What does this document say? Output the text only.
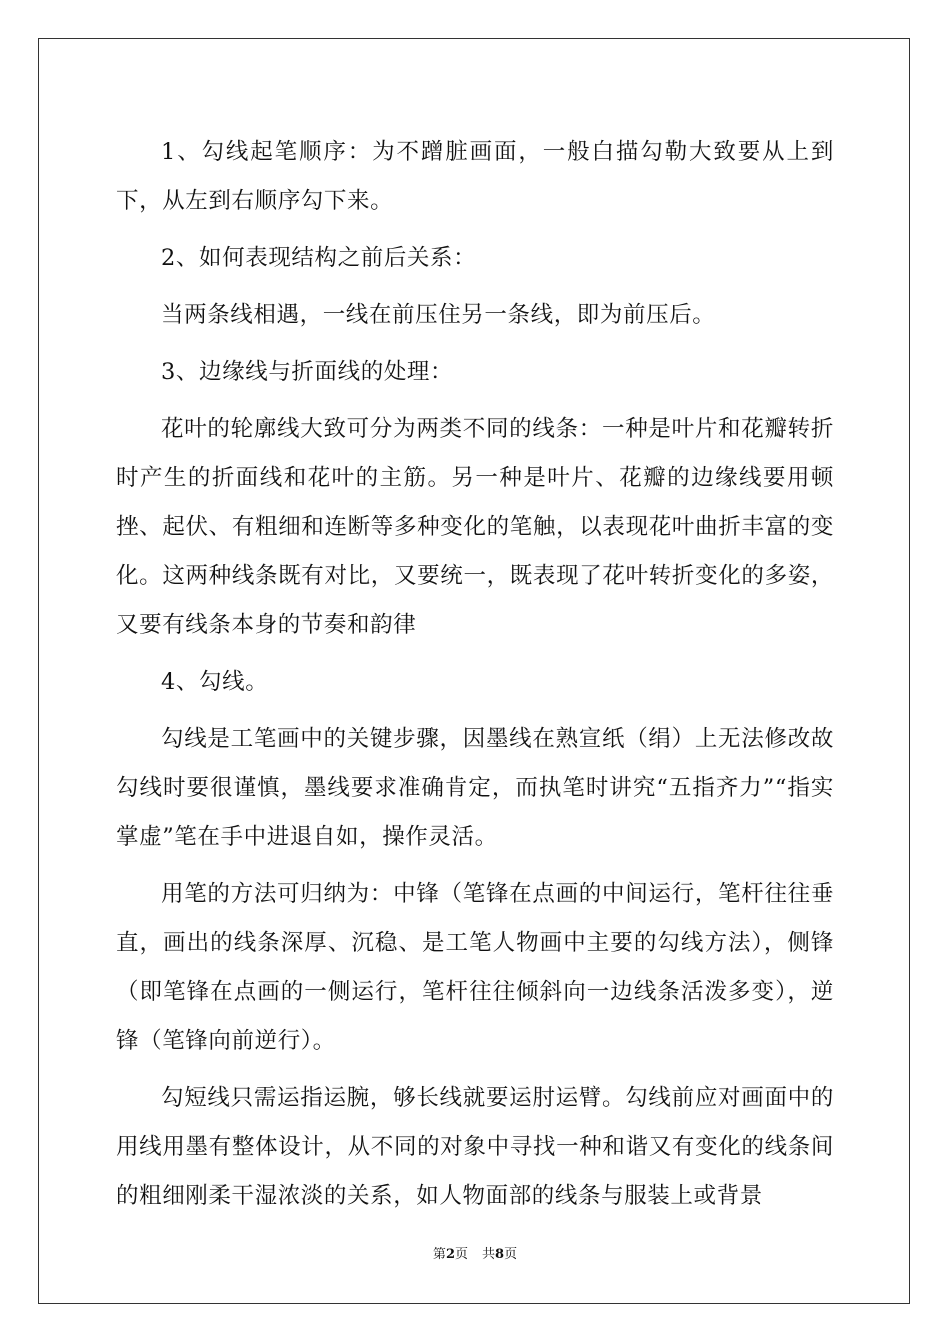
1、勾线起笔顺序：为不蹭脏画面，一般白描勾勒大致要从上到下，从左到右顺序勾下来。

2、如何表现结构之前后关系：

当两条线相遇，一线在前压住另一条线，即为前压后。

3、边缘线与折面线的处理：

花叶的轮廓线大致可分为两类不同的线条：一种是叶片和花瓣转折时产生的折面线和花叶的主筋。另一种是叶片、花瓣的边缘线要用顿挫、起伏、有粗细和连断等多种变化的笔触，以表现花叶曲折丰富的变化。这两种线条既有对比，又要统一，既表现了花叶转折变化的多姿，又要有线条本身的节奏和韵律

4、勾线。

勾线是工笔画中的关键步骤，因墨线在熟宣纸（绢）上无法修改故勾线时要很谨慎，墨线要求准确肯定，而执笔时讲究“五指齐力”“指实掌虚”笔在手中进退自如，操作灵活。

用笔的方法可归纳为：中锋（笔锋在点画的中间运行，笔杆往往垂直，画出的线条深厚、沉稳、是工笔人物画中主要的勾线方法），侧锋（即笔锋在点画的一侧运行，笔杆往往倾斜向一边线条活泼多变），逆锋（笔锋向前逆行）。

勾短线只需运指运腕，够长线就要运肘运臂。勾线前应对画面中的用线用墨有整体设计，从不同的对象中寻找一种和谐又有变化的线条间的粗细刚柔干湿浓淡的关系，如人物面部的线条与服装上或背景

第2页 共8页
